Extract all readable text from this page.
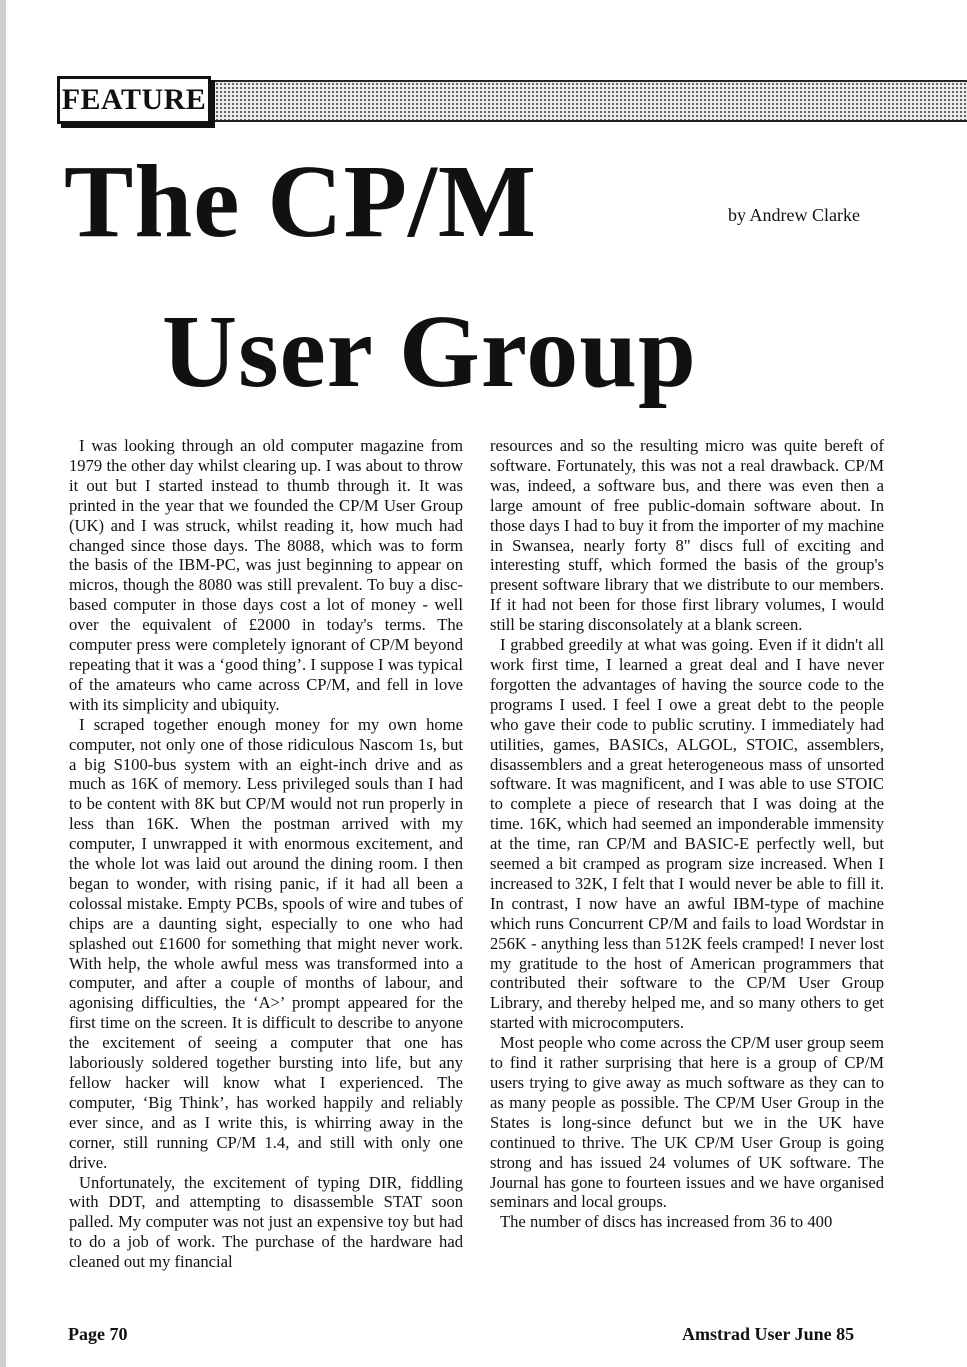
FEATURE
The CP/M
User Group
by Andrew Clarke

I was looking through an old computer magazine from 1979 the other day whilst clearing up. I was about to throw it out but I started instead to thumb through it. It was printed in the year that we founded the CP/M User Group (UK) and I was struck, whilst reading it, how much had changed since those days. The 8088, which was to form the basis of the IBM-PC, was just beginning to appear on micros, though the 8080 was still prevalent. To buy a disc-based computer in those days cost a lot of money - well over the equivalent of £2000 in today's terms. The computer press were completely ignorant of CP/M beyond repeating that it was a ‘good thing’. I suppose I was typical of the amateurs who came across CP/M, and fell in love with its simplicity and ubiquity.

I scraped together enough money for my own home computer, not only one of those ridiculous Nascom 1s, but a big S100-bus system with an eight-inch drive and as much as 16K of memory. Less privileged souls than I had to be content with 8K but CP/M would not run properly in less than 16K. When the postman arrived with my computer, I unwrapped it with enormous excitement, and the whole lot was laid out around the dining room. I then began to wonder, with rising panic, if it had all been a colossal mistake. Empty PCBs, spools of wire and tubes of chips are a daunting sight, especially to one who had splashed out £1600 for something that might never work. With help, the whole awful mess was transformed into a computer, and after a couple of months of labour, and agonising difficulties, the ‘A>’ prompt appeared for the first time on the screen. It is difficult to describe to anyone the excitement of seeing a computer that one has laboriously soldered together bursting into life, but any fellow hacker will know what I experienced. The computer, ‘Big Think’, has worked happily and reliably ever since, and as I write this, is whirring away in the corner, still running CP/M 1.4, and still with only one drive.

Unfortunately, the excitement of typing DIR, fiddling with DDT, and attempting to disassemble STAT soon palled. My computer was not just an expensive toy but had to do a job of work. The purchase of the hardware had cleaned out my financial

resources and so the resulting micro was quite bereft of software. Fortunately, this was not a real drawback. CP/M was, indeed, a software bus, and there was even then a large amount of free public-domain software about. In those days I had to buy it from the importer of my machine in Swansea, nearly forty 8" discs full of exciting and interesting stuff, which formed the basis of the group's present software library that we distribute to our members. If it had not been for those first library volumes, I would still be staring disconsolately at a blank screen.

I grabbed greedily at what was going. Even if it didn't all work first time, I learned a great deal and I have never forgotten the advantages of having the source code to the programs I used. I feel I owe a great debt to the people who gave their code to public scrutiny. I immediately had utilities, games, BASICs, ALGOL, STOIC, assemblers, disassemblers and a great heterogeneous mass of unsorted software. It was magnificent, and I was able to use STOIC to complete a piece of research that I was doing at the time. 16K, which had seemed an imponderable immensity at the time, ran CP/M and BASIC-E perfectly well, but seemed a bit cramped as program size increased. When I increased to 32K, I felt that I would never be able to fill it. In contrast, I now have an awful IBM-type of machine which runs Concurrent CP/M and fails to load Wordstar in 256K - anything less than 512K feels cramped! I never lost my gratitude to the host of American programmers that contributed their software to the CP/M User Group Library, and thereby helped me, and so many others to get started with microcomputers.

Most people who come across the CP/M user group seem to find it rather surprising that here is a group of CP/M users trying to give away as much software as they can to as many people as possible. The CP/M User Group in the States is long-since defunct but we in the UK have continued to thrive. The UK CP/M User Group is going strong and has issued 24 volumes of UK software. The Journal has gone to fourteen issues and we have organised seminars and local groups.

The number of discs has increased from 36 to 400

Page 70	Amstrad User June 85
